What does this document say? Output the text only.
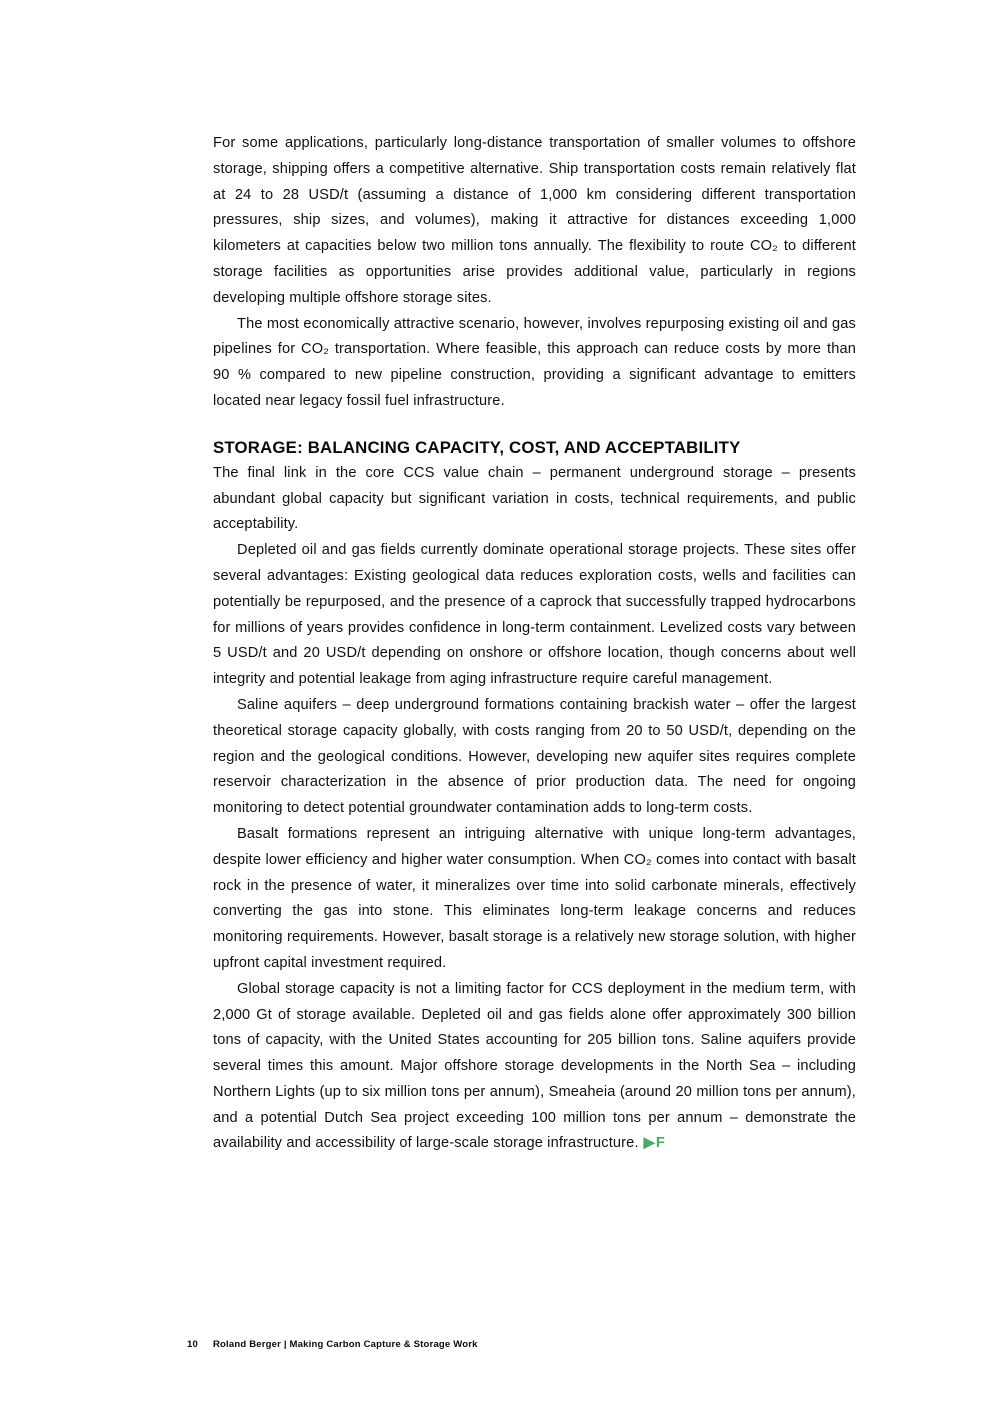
For some applications, particularly long-distance transportation of smaller volumes to offshore storage, shipping offers a competitive alternative. Ship transportation costs remain relatively flat at 24 to 28 USD/t (assuming a distance of 1,000 km considering different transportation pressures, ship sizes, and volumes), making it attractive for distances exceeding 1,000 kilometers at capacities below two million tons annually. The flexibility to route CO₂ to different storage facilities as opportunities arise provides additional value, particularly in regions developing multiple offshore storage sites.

The most economically attractive scenario, however, involves repurposing existing oil and gas pipelines for CO₂ transportation. Where feasible, this approach can reduce costs by more than 90 % compared to new pipeline construction, providing a significant advantage to emitters located near legacy fossil fuel infrastructure.

STORAGE: BALANCING CAPACITY, COST, AND ACCEPTABILITY

The final link in the core CCS value chain – permanent underground storage – presents abundant global capacity but significant variation in costs, technical requirements, and public acceptability.

Depleted oil and gas fields currently dominate operational storage projects. These sites offer several advantages: Existing geological data reduces exploration costs, wells and facilities can potentially be repurposed, and the presence of a caprock that successfully trapped hydrocarbons for millions of years provides confidence in long-term containment. Levelized costs vary between 5 USD/t and 20 USD/t depending on onshore or offshore location, though concerns about well integrity and potential leakage from aging infrastructure require careful management.

Saline aquifers – deep underground formations containing brackish water – offer the largest theoretical storage capacity globally, with costs ranging from 20 to 50 USD/t, depending on the region and the geological conditions. However, developing new aquifer sites requires complete reservoir characterization in the absence of prior production data. The need for ongoing monitoring to detect potential groundwater contamination adds to long-term costs.

Basalt formations represent an intriguing alternative with unique long-term advantages, despite lower efficiency and higher water consumption. When CO₂ comes into contact with basalt rock in the presence of water, it mineralizes over time into solid carbonate minerals, effectively converting the gas into stone. This eliminates long-term leakage concerns and reduces monitoring requirements. However, basalt storage is a relatively new storage solution, with higher upfront capital investment required.

Global storage capacity is not a limiting factor for CCS deployment in the medium term, with 2,000 Gt of storage available. Depleted oil and gas fields alone offer approximately 300 billion tons of capacity, with the United States accounting for 205 billion tons. Saline aquifers provide several times this amount. Major offshore storage developments in the North Sea – including Northern Lights (up to six million tons per annum), Smeaheia (around 20 million tons per annum), and a potential Dutch Sea project exceeding 100 million tons per annum – demonstrate the availability and accessibility of large-scale storage infrastructure. ▶F

10 Roland Berger | Making Carbon Capture & Storage Work
